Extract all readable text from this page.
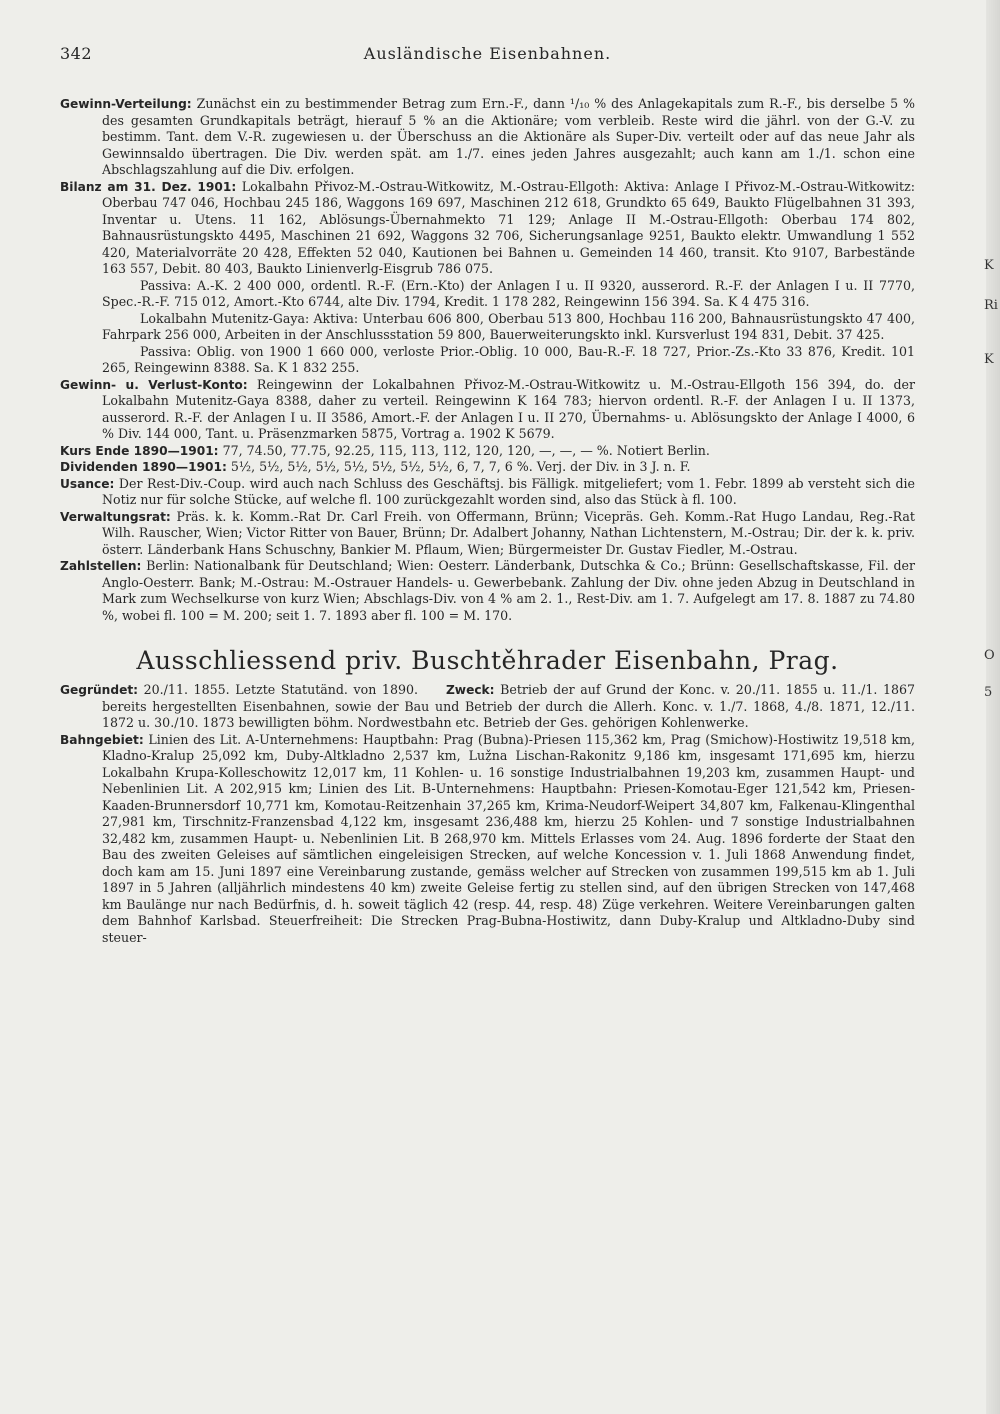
342	Ausländische Eisenbahnen.

Gewinn-Verteilung: Zunächst ein zu bestimmender Betrag zum Ern.-F., dann ¹/₁₀ % des Anlagekapitals zum R.-F., bis derselbe 5 % des gesamten Grundkapitals beträgt, hierauf 5 % an die Aktionäre; vom verbleib. Reste wird die jährl. von der G.-V. zu bestimm. Tant. dem V.-R. zugewiesen u. der Überschuss an die Aktionäre als Super-Div. verteilt oder auf das neue Jahr als Gewinnsaldo übertragen. Die Div. werden spät. am 1./7. eines jeden Jahres ausgezahlt; auch kann am 1./1. schon eine Abschlagszahlung auf die Div. erfolgen.

Bilanz am 31. Dez. 1901: Lokalbahn Přivoz-M.-Ostrau-Witkowitz, M.-Ostrau-Ellgoth: Aktiva: Anlage I Přivoz-M.-Ostrau-Witkowitz: Oberbau 747 046, Hochbau 245 186, Waggons 169 697, Maschinen 212 618, Grundkto 65 649, Baukto Flügelbahnen 31 393, Inventar u. Utens. 11 162, Ablösungs-Übernahmekto 71 129; Anlage II M.-Ostrau-Ellgoth: Oberbau 174 802, Bahnausrüstungskto 4495, Maschinen 21 692, Waggons 32 706, Sicherungsanlage 9251, Baukto elektr. Umwandlung 1 552 420, Materialvorräte 20 428, Effekten 52 040, Kautionen bei Bahnen u. Gemeinden 14 460, transit. Kto 9107, Barbestände 163 557, Debit. 80 403, Baukto Linienverlg-Eisgrub 786 075.

Passiva: A.-K. 2 400 000, ordentl. R.-F. (Ern.-Kto) der Anlagen I u. II 9320, ausserord. R.-F. der Anlagen I u. II 7770, Spec.-R.-F. 715 012, Amort.-Kto 6744, alte Div. 1794, Kredit. 1 178 282, Reingewinn 156 394. Sa. K 4 475 316.

Lokalbahn Mutenitz-Gaya: Aktiva: Unterbau 606 800, Oberbau 513 800, Hochbau 116 200, Bahnausrüstungskto 47 400, Fahrpark 256 000, Arbeiten in der Anschlussstation 59 800, Bauerweiterungskto inkl. Kursverlust 194 831, Debit. 37 425.

Passiva: Oblig. von 1900 1 660 000, verloste Prior.-Oblig. 10 000, Bau-R.-F. 18 727, Prior.-Zs.-Kto 33 876, Kredit. 101 265, Reingewinn 8388. Sa. K 1 832 255.

Gewinn- u. Verlust-Konto: Reingewinn der Lokalbahnen Přivoz-M.-Ostrau-Witkowitz u. M.-Ostrau-Ellgoth 156 394, do. der Lokalbahn Mutenitz-Gaya 8388, daher zu verteil. Reingewinn K 164 783; hiervon ordentl. R.-F. der Anlagen I u. II 1373, ausserord. R.-F. der Anlagen I u. II 3586, Amort.-F. der Anlagen I u. II 270, Übernahms- u. Ablösungskto der Anlage I 4000, 6 % Div. 144 000, Tant. u. Präsenzmarken 5875, Vortrag a. 1902 K 5679.

Kurs Ende 1890—1901: 77, 74.50, 77.75, 92.25, 115, 113, 112, 120, 120, —, —, — %. Notiert Berlin.

Dividenden 1890—1901: 5½, 5½, 5½, 5½, 5½, 5½, 5½, 5½, 6, 7, 7, 6 %. Verj. der Div. in 3 J. n. F.

Usance: Der Rest-Div.-Coup. wird auch nach Schluss des Geschäftsj. bis Fälligk. mitgeliefert; vom 1. Febr. 1899 ab versteht sich die Notiz nur für solche Stücke, auf welche fl. 100 zurückgezahlt worden sind, also das Stück à fl. 100.

Verwaltungsrat: Präs. k. k. Komm.-Rat Dr. Carl Freih. von Offermann, Brünn; Vicepräs. Geh. Komm.-Rat Hugo Landau, Reg.-Rat Wilh. Rauscher, Wien; Victor Ritter von Bauer, Brünn; Dr. Adalbert Johanny, Nathan Lichtenstern, M.-Ostrau; Dir. der k. k. priv. österr. Länderbank Hans Schuschny, Bankier M. Pflaum, Wien; Bürgermeister Dr. Gustav Fiedler, M.-Ostrau.

Zahlstellen: Berlin: Nationalbank für Deutschland; Wien: Oesterr. Länderbank, Dutschka & Co.; Brünn: Gesellschaftskasse, Fil. der Anglo-Oesterr. Bank; M.-Ostrau: M.-Ostrauer Handels- u. Gewerbebank. Zahlung der Div. ohne jeden Abzug in Deutschland in Mark zum Wechselkurse von kurz Wien; Abschlags-Div. von 4 % am 2. 1., Rest-Div. am 1. 7. Aufgelegt am 17. 8. 1887 zu 74.80 %, wobei fl. 100 = M. 200; seit 1. 7. 1893 aber fl. 100 = M. 170.

Ausschliessend priv. Buschtěhrader Eisenbahn, Prag.

Gegründet: 20./11. 1855. Letzte Statutänd. von 1890. Zweck: Betrieb der auf Grund der Konc. v. 20./11. 1855 u. 11./1. 1867 bereits hergestellten Eisenbahnen, sowie der Bau und Betrieb der durch die Allerh. Konc. v. 1./7. 1868, 4./8. 1871, 12./11. 1872 u. 30./10. 1873 bewilligten böhm. Nordwestbahn etc. Betrieb der Ges. gehörigen Kohlenwerke.

Bahngebiet: Linien des Lit. A-Unternehmens: Hauptbahn: Prag (Bubna)-Priesen 115,362 km, Prag (Smichow)-Hostiwitz 19,518 km, Kladno-Kralup 25,092 km, Duby-Altkladno 2,537 km, Lužna Lischan-Rakonitz 9,186 km, insgesamt 171,695 km, hierzu Lokalbahn Krupa-Kolleschowitz 12,017 km, 11 Kohlen- u. 16 sonstige Industrialbahnen 19,203 km, zusammen Haupt- und Nebenlinien Lit. A 202,915 km; Linien des Lit. B-Unternehmens: Hauptbahn: Priesen-Komotau-Eger 121,542 km, Priesen-Kaaden-Brunnersdorf 10,771 km, Komotau-Reitzenhain 37,265 km, Krima-Neudorf-Weipert 34,807 km, Falkenau-Klingenthal 27,981 km, Tirschnitz-Franzensbad 4,122 km, insgesamt 236,488 km, hierzu 25 Kohlen- und 7 sonstige Industrialbahnen 32,482 km, zusammen Haupt- u. Nebenlinien Lit. B 268,970 km. Mittels Erlasses vom 24. Aug. 1896 forderte der Staat den Bau des zweiten Geleises auf sämtlichen eingeleisigen Strecken, auf welche Koncession v. 1. Juli 1868 Anwendung findet, doch kam am 15. Juni 1897 eine Vereinbarung zustande, gemäss welcher auf Strecken von zusammen 199,515 km ab 1. Juli 1897 in 5 Jahren (alljährlich mindestens 40 km) zweite Geleise fertig zu stellen sind, auf den übrigen Strecken von 147,468 km Baulänge nur nach Bedürfnis, d. h. soweit täglich 42 (resp. 44, resp. 48) Züge verkehren. Weitere Vereinbarungen galten dem Bahnhof Karlsbad. Steuerfreiheit: Die Strecken Prag-Bubna-Hostiwitz, dann Duby-Kralup und Altkladno-Duby sind steuer-

K
Ri
K
O
5
